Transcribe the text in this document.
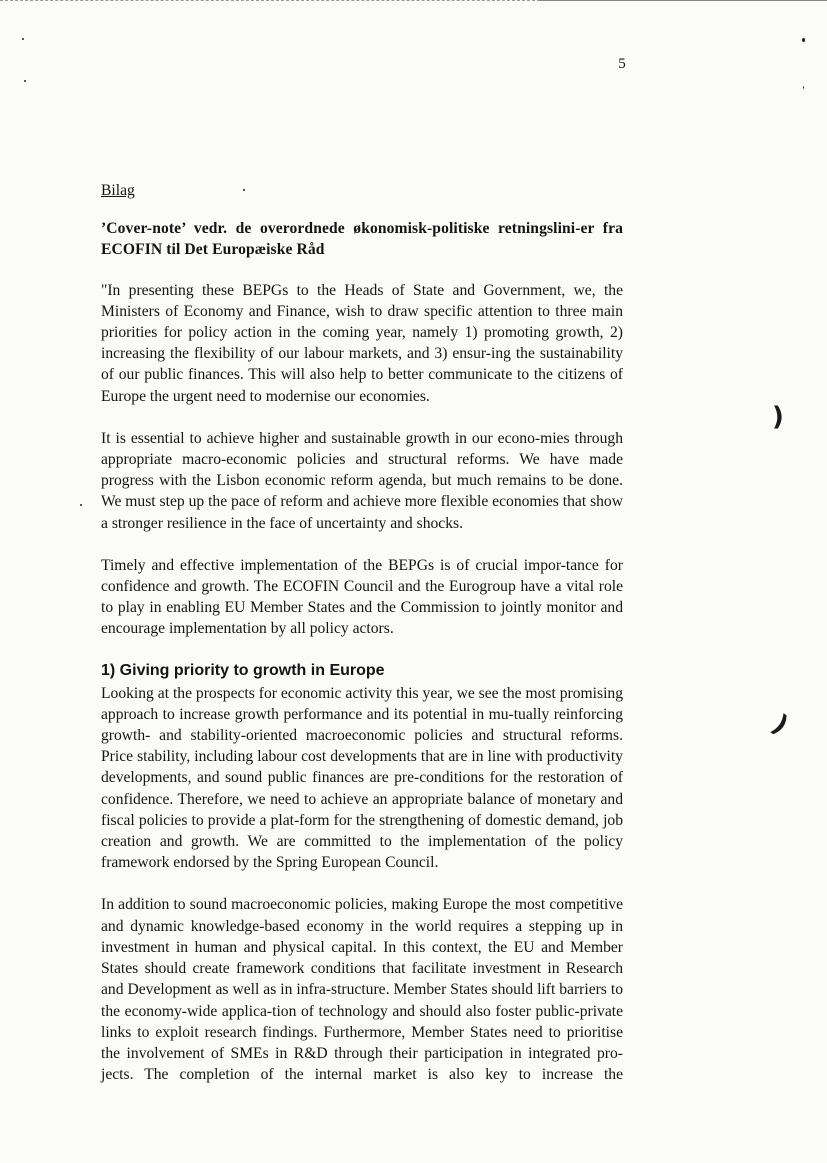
5
)
)
Bilag
’Cover-note’ vedr. de overordnede økonomisk-politiske retningslini-er fra ECOFIN til Det Europæiske Råd

"In presenting these BEPGs to the Heads of State and Government, we, the Ministers of Economy and Finance, wish to draw specific attention to three main priorities for policy action in the coming year, namely 1) promoting growth, 2) increasing the flexibility of our labour markets, and 3) ensur-ing the sustainability of our public finances. This will also help to better communicate to the citizens of Europe the urgent need to modernise our economies.

It is essential to achieve higher and sustainable growth in our econo-mies through appropriate macro-economic policies and structural reforms. We have made progress with the Lisbon economic reform agenda, but much remains to be done. We must step up the pace of reform and achieve more flexible economies that show a stronger resilience in the face of uncertainty and shocks.

Timely and effective implementation of the BEPGs is of crucial impor-tance for confidence and growth. The ECOFIN Council and the Eurogroup have a vital role to play in enabling EU Member States and the Commission to jointly monitor and encourage implementation by all policy actors.

1) Giving priority to growth in Europe

Looking at the prospects for economic activity this year, we see the most promising approach to increase growth performance and its potential in mu-tually reinforcing growth- and stability-oriented macroeconomic policies and structural reforms. Price stability, including labour cost developments that are in line with productivity developments, and sound public finances are pre-conditions for the restoration of confidence. Therefore, we need to achieve an appropriate balance of monetary and fiscal policies to provide a plat-form for the strengthening of domestic demand, job creation and growth. We are committed to the implementation of the policy framework endorsed by the Spring European Council.

In addition to sound macroeconomic policies, making Europe the most competitive and dynamic knowledge-based economy in the world requires a stepping up in investment in human and physical capital. In this context, the EU and Member States should create framework conditions that facilitate investment in Research and Development as well as in infra-structure. Member States should lift barriers to the economy-wide applica-tion of technology and should also foster public-private links to exploit research findings. Furthermore, Member States need to prioritise the involvement of SMEs in R&D through their participation in integrated pro-jects. The completion of the internal market is also key to increase the
